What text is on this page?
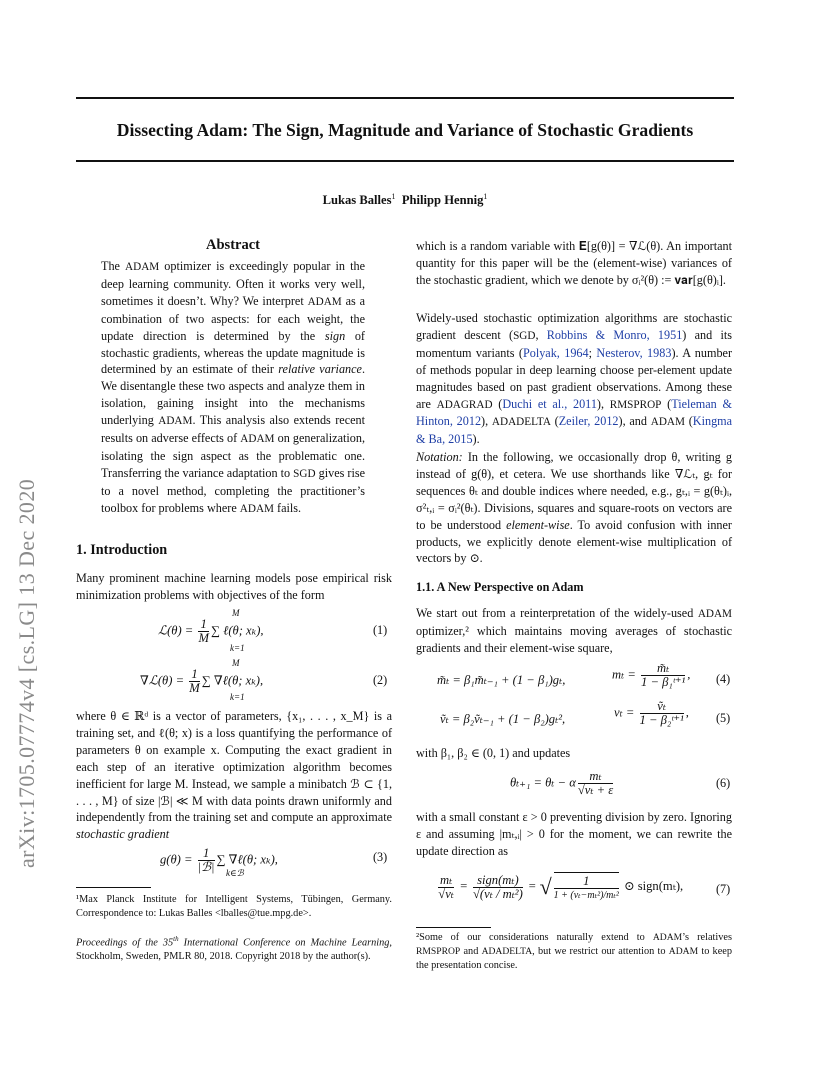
Dissecting Adam: The Sign, Magnitude and Variance of Stochastic Gradients
Lukas Balles$^1$ Philipp Hennig$^1$
arXiv:1705.07774v4 [cs.LG] 13 Dec 2020
Abstract
The ADAM optimizer is exceedingly popular in the deep learning community. Often it works very well, sometimes it doesn’t. Why? We interpret ADAM as a combination of two aspects: for each weight, the update direction is determined by the sign of stochastic gradients, whereas the update magnitude is determined by an estimate of their relative variance. We disentangle these two aspects and analyze them in isolation, gaining insight into the mechanisms underlying ADAM. This analysis also extends recent results on adverse effects of ADAM on generalization, isolating the sign aspect as the problematic one. Transferring the variance adaptation to SGD gives rise to a novel method, completing the practitioner’s toolbox for problems where ADAM fails.
1. Introduction
Many prominent machine learning models pose empirical risk minimization problems with objectives of the form
ℒ(θ) = $\frac{1}{M}$ ∑ ℓ(θ; xₖ),
M
k=1
(1)
∇ℒ(θ) = $\frac{1}{M}$ ∑ ∇ℓ(θ; xₖ),
M
k=1
(2)
where θ ∈ ℝᵈ is a vector of parameters, {x₁, . . . , x_M} is a training set, and ℓ(θ; x) is a loss quantifying the performance of parameters θ on example x. Computing the exact gradient in each step of an iterative optimization algorithm becomes inefficient for large M. Instead, we sample a minibatch ℬ ⊂ {1, . . . , M} of size |ℬ| ≪ M with data points drawn uniformly and independently from the training set and compute an approximate stochastic gradient
$g(\theta) = \frac{1}{\text{|ℬ|}}$ ∑ ∇ℓ(θ; xₖ),
k∈ℬ
(3)
¹Max Planck Institute for Intelligent Systems, Tübingen, Germany. Correspondence to: Lukas Balles <lballes@tue.mpg.de>.
Proceedings of the 35th International Conference on Machine Learning, Stockholm, Sweden, PMLR 80, 2018. Copyright 2018 by the author(s).
which is a random variable with 𝐄[g(θ)] = ∇ℒ(θ). An important quantity for this paper will be the (element-wise) variances of the stochastic gradient, which we denote by σᵢ²(θ) := 𝐯𝐚𝐫[g(θ)ᵢ].
Widely-used stochastic optimization algorithms are stochastic gradient descent (SGD, Robbins & Monro, 1951) and its momentum variants (Polyak, 1964; Nesterov, 1983). A number of methods popular in deep learning choose per-element update magnitudes based on past gradient observations. Among these are ADAGRAD (Duchi et al., 2011), RMSPROP (Tieleman & Hinton, 2012), ADADELTA (Zeiler, 2012), and ADAM (Kingma & Ba, 2015).
Notation: In the following, we occasionally drop θ, writing g instead of g(θ), et cetera. We use shorthands like ∇ℒₜ, gₜ for sequences θₜ and double indices where needed, e.g., gₜ,ᵢ = g(θₜ)ᵢ, σ²ₜ,ᵢ = σᵢ²(θₜ). Divisions, squares and square-roots on vectors are to be understood element-wise. To avoid confusion with inner products, we explicitly denote element-wise multiplication of vectors by ⊙.
1.1. A New Perspective on Adam
We start out from a reinterpretation of the widely-used ADAM optimizer,² which maintains moving averages of stochastic gradients and their element-wise square,
m̃ₜ = β₁m̃ₜ₋₁ + (1 − β₁)gₜ,	$m_t = \frac{\text{m̃ₜ}}{\text{1 − β₁ᵗ⁺¹}}$ , (4)
ṽₜ = β₂ṽₜ₋₁ + (1 − β₂)gₜ²,	$v_t = \frac{\text{ṽₜ}}{\text{1 − β₂ᵗ⁺¹}}$ , (5)
with β₁, β₂ ∈ (0, 1) and updates
θₜ₊₁ = θₜ − α $\frac{\text{mₜ}}{\text{√vₜ + ε}}$	(6)
with a small constant ε > 0 preventing division by zero. Ignoring ε and assuming |mₜ,ᵢ| > 0 for the moment, we can rewrite the update direction as
$\frac{\text{mₜ}}{\text{√vₜ}} = \frac{\text{sign(mₜ)}}{\text{√(vₜ / mₜ²)}}$ = √ $\frac{1}{\text{1 + (vₜ−mₜ²)/mₜ²}}$ ⊙ sign(mₜ),	(7)
²Some of our considerations naturally extend to ADAM’s relatives RMSPROP and ADADELTA, but we restrict our attention to ADAM to keep the presentation concise.
